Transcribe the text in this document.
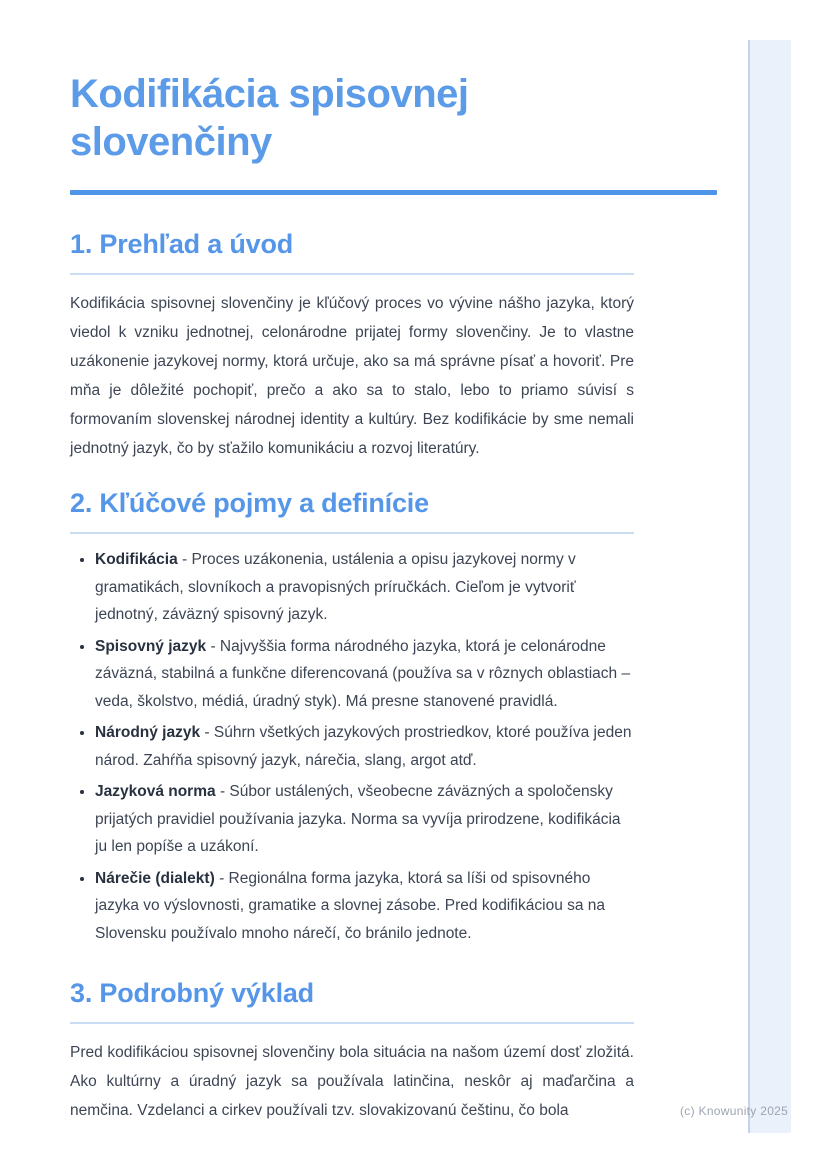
Kodifikácia spisovnej slovenčiny
1. Prehľad a úvod

Kodifikácia spisovnej slovenčiny je kľúčový proces vo vývine nášho jazyka, ktorý viedol k vzniku jednotnej, celonárodne prijatej formy slovenčiny. Je to vlastne uzákonenie jazykovej normy, ktorá určuje, ako sa má správne písať a hovoriť. Pre mňa je dôležité pochopiť, prečo a ako sa to stalo, lebo to priamo súvisí s formovaním slovenskej národnej identity a kultúry. Bez kodifikácie by sme nemali jednotný jazyk, čo by sťažilo komunikáciu a rozvoj literatúry.

2. Kľúčové pojmy a definície
• Kodifikácia - Proces uzákonenia, ustálenia a opisu jazykovej normy v gramatikách, slovníkoch a pravopisných príručkách. Cieľom je vytvoriť jednotný, záväzný spisovný jazyk.
• Spisovný jazyk - Najvyššia forma národného jazyka, ktorá je celonárodne záväzná, stabilná a funkčne diferencovaná (používa sa v rôznych oblastiach – veda, školstvo, médiá, úradný styk). Má presne stanovené pravidlá.
• Národný jazyk - Súhrn všetkých jazykových prostriedkov, ktoré používa jeden národ. Zahŕňa spisovný jazyk, nárečia, slang, argot atď.
• Jazyková norma - Súbor ustálených, všeobecne záväzných a spoločensky prijatých pravidiel používania jazyka. Norma sa vyvíja prirodzene, kodifikácia ju len popíše a uzákoní.
• Nárečie (dialekt) - Regionálna forma jazyka, ktorá sa líši od spisovného jazyka vo výslovnosti, gramatike a slovnej zásobe. Pred kodifikáciou sa na Slovensku používalo mnoho nárečí, čo bránilo jednote.
3. Podrobný výklad

Pred kodifikáciou spisovnej slovenčiny bola situácia na našom území dosť zložitá. Ako kultúrny a úradný jazyk sa používala latinčina, neskôr aj maďarčina a nemčina. Vzdelanci a cirkev používali tzv. slovakizovanú češtinu, čo bola	(c) Knowunity 2025
